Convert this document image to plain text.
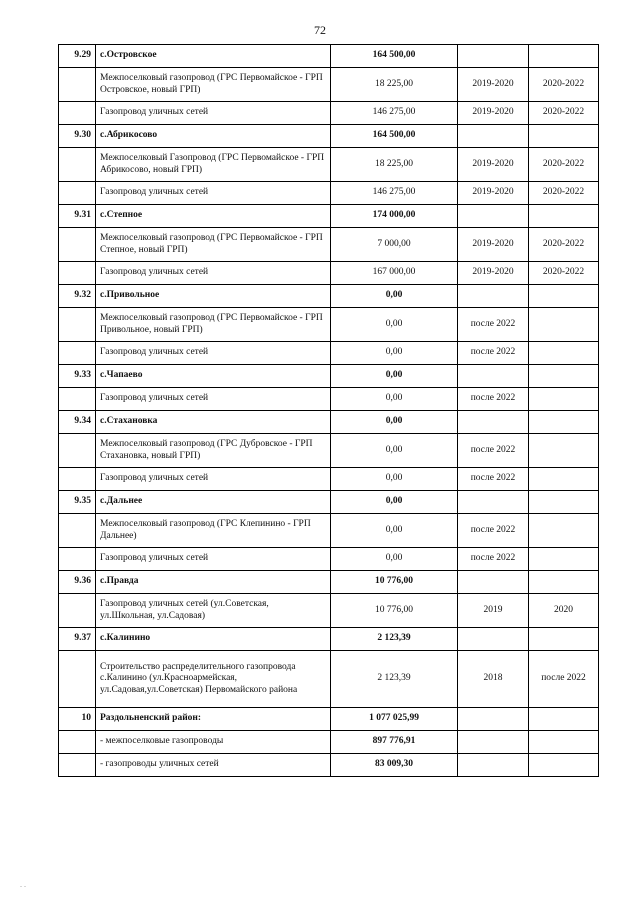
72
9.29	с.Островское	164 500,00		
	Межпоселковый газопровод (ГРС Первомайское - ГРП Островское, новый ГРП)	18 225,00	2019-2020	2020-2022
	Газопровод уличных сетей	146 275,00	2019-2020	2020-2022
9.30	с.Абрикосово	164 500,00		
	Межпоселковый Газопровод (ГРС Первомайское - ГРП Абрикосово, новый ГРП)	18 225,00	2019-2020	2020-2022
	Газопровод уличных сетей	146 275,00	2019-2020	2020-2022
9.31	с.Степное	174 000,00		
	Межпоселковый газопровод (ГРС Первомайское - ГРП Степное, новый ГРП)	7 000,00	2019-2020	2020-2022
	Газопровод уличных сетей	167 000,00	2019-2020	2020-2022
9.32	с.Привольное	0,00		
	Межпоселковый газопровод (ГРС Первомайское - ГРП Привольное, новый ГРП)	0,00	после 2022	
	Газопровод уличных сетей	0,00	после 2022	
9.33	с.Чапаево	0,00		
	Газопровод уличных сетей	0,00	после 2022	
9.34	с.Стахановка	0,00		
	Межпоселковый газопровод (ГРС Дубровское - ГРП Стахановка, новый ГРП)	0,00	после 2022	
	Газопровод уличных сетей	0,00	после 2022	
9.35	с.Дальнее	0,00		
	Межпоселковый газопровод (ГРС Клепинино - ГРП Дальнее)	0,00	после 2022	
	Газопровод уличных сетей	0,00	после 2022	
9.36	с.Правда	10 776,00		
	Газопровод уличных сетей (ул.Советская, ул.Школьная, ул.Садовая)	10 776,00	2019	2020
9.37	с.Калинино	2 123,39		
	Строительство распределительного газопровода с.Калинино (ул.Красноармейская, ул.Садовая,ул.Советская) Первомайского района	2 123,39	2018	после 2022
10	Раздольненский район:	1 077 025,99		
	- межпоселковые газопроводы	897 776,91		
	- газопроводы уличных сетей	83 009,30		
. .
